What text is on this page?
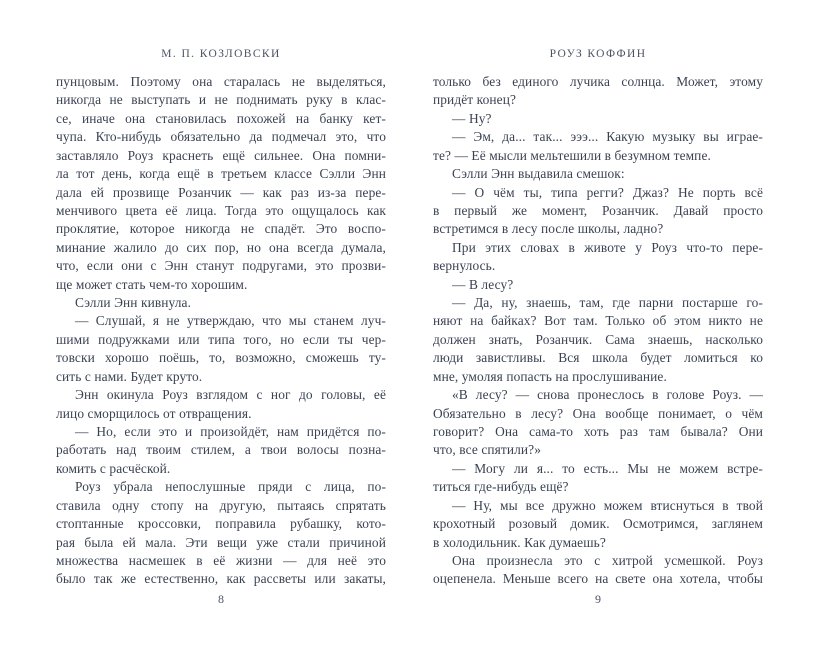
М. П. КОЗЛОВСКИ
пунцовым. Поэтому она старалась не выделяться,
никогда не выступать и не поднимать руку в клас-
се, иначе она становилась похожей на банку кет-
чупа. Кто-нибудь обязательно да подмечал это, что
заставляло Роуз краснеть ещё сильнее. Она помни-
ла тот день, когда ещё в третьем классе Сэлли Энн
дала ей прозвище Розанчик — как раз из-за пере-
менчивого цвета её лица. Тогда это ощущалось как
проклятие, которое никогда не спадёт. Это воспо-
минание жалило до сих пор, но она всегда думала,
что, если они с Энн станут подругами, это прозви-
ще может стать чем-то хорошим.
Сэлли Энн кивнула.
— Слушай, я не утверждаю, что мы станем луч-
шими подружками или типа того, но если ты чер-
товски хорошо поёшь, то, возможно, сможешь ту-
сить с нами. Будет круто.
Энн окинула Роуз взглядом с ног до головы, её
лицо сморщилось от отвращения.
— Но, если это и произойдёт, нам придётся по-
работать над твоим стилем, а твои волосы позна-
комить с расчёской.
Роуз убрала непослушные пряди с лица, по-
ставила одну стопу на другую, пытаясь спрятать
стоптанные кроссовки, поправила рубашку, кото-
рая была ей мала. Эти вещи уже стали причиной
множества насмешек в её жизни — для неё это
было так же естественно, как рассветы или закаты,
8
РОУЗ КОФФИН
только без единого лучика солнца. Может, этому
придёт конец?
— Ну?
— Эм, да... так... эээ... Какую музыку вы играе-
те? — Её мысли мельтешили в безумном темпе.
Сэлли Энн выдавила смешок:
— О чём ты, типа регги? Джаз? Не порть всё
в первый же момент, Розанчик. Давай просто
встретимся в лесу после школы, ладно?
При этих словах в животе у Роуз что-то пере-
вернулось.
— В лесу?
— Да, ну, знаешь, там, где парни постарше го-
няют на байках? Вот там. Только об этом никто не
должен знать, Розанчик. Сама знаешь, насколько
люди завистливы. Вся школа будет ломиться ко
мне, умоляя попасть на прослушивание.
«В лесу? — снова пронеслось в голове Роуз. —
Обязательно в лесу? Она вообще понимает, о чём
говорит? Она сама-то хоть раз там бывала? Они
что, все спятили?»
— Могу ли я... то есть... Мы не можем встре-
титься где-нибудь ещё?
— Ну, мы все дружно можем втиснуться в твой
крохотный розовый домик. Осмотримся, заглянем
в холодильник. Как думаешь?
Она произнесла это с хитрой усмешкой. Роуз
оцепенела. Меньше всего на свете она хотела, чтобы
9
